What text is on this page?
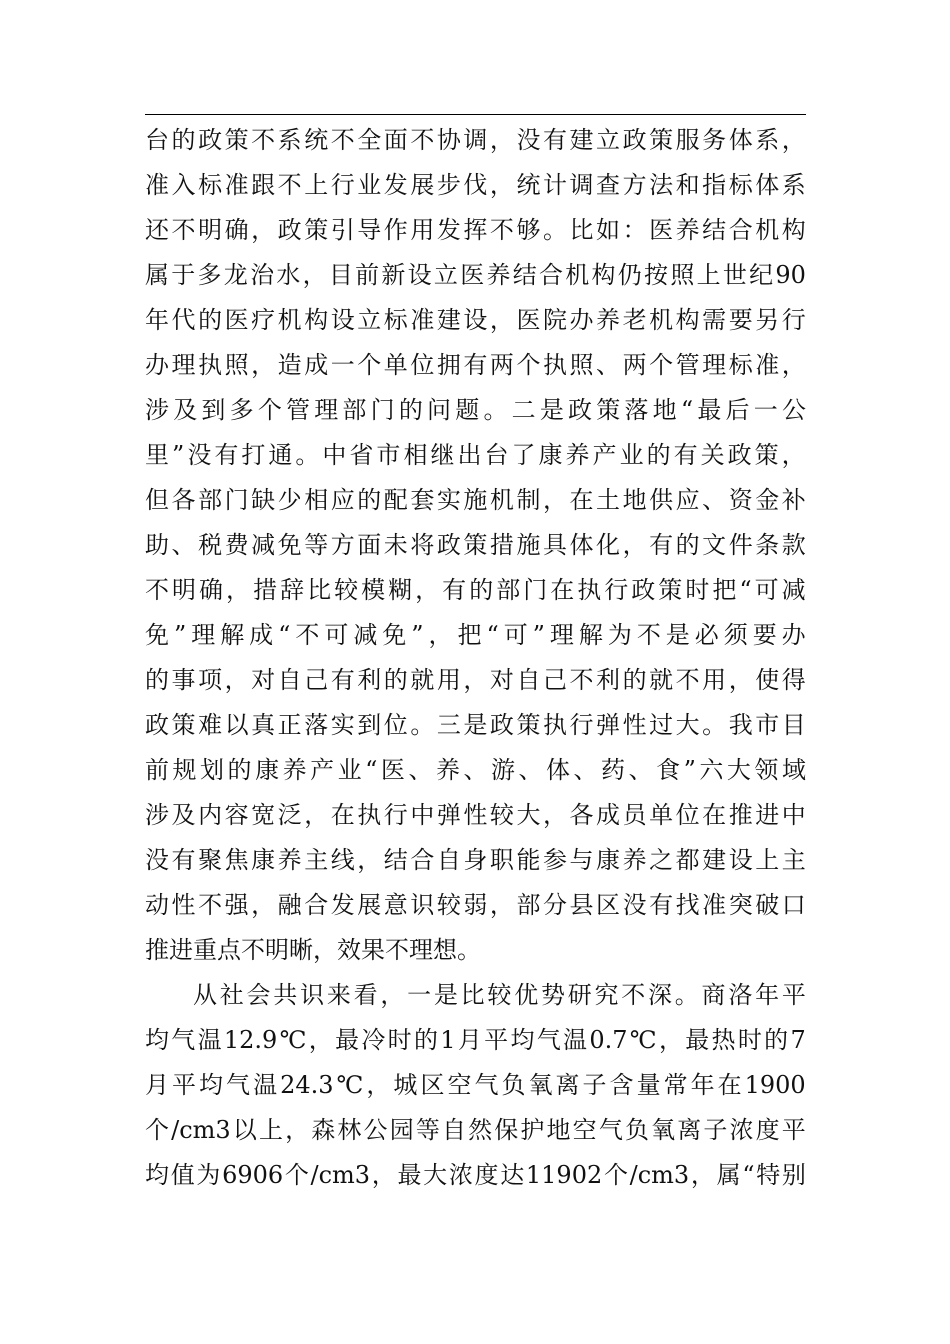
台 的 政 策 不 系 统 不 全 面 不 协 调 ， 没 有 建 立 政 策 服 务 体 系 ，
准 入 标 准 跟 不 上 行 业 发 展 步 伐 ， 统 计 调 查 方 法 和 指 标 体 系
还 不 明 确 ， 政 策 引 导 作 用 发 挥 不 够 。 比 如 ： 医 养 结 合 机 构
属 于 多 龙 治 水 ， 目 前 新 设 立 医 养 结 合 机 构 仍 按 照 上 世 纪 90
年 代 的 医 疗 机 构 设 立 标 准 建 设 ， 医 院 办 养 老 机 构 需 要 另 行
办 理 执 照 ， 造 成 一 个 单 位 拥 有 两 个 执 照 、 两 个 管 理 标 准 ，
涉 及 到 多 个 管 理 部 门 的 问 题 。 二 是 政 策 落 地 “ 最 后 一 公
里 ” 没 有 打 通 。 中 省 市 相 继 出 台 了 康 养 产 业 的 有 关 政 策 ，
但 各 部 门 缺 少 相 应 的 配 套 实 施 机 制 ， 在 土 地 供 应 、 资 金 补
助 、 税 费 减 免 等 方 面 未 将 政 策 措 施 具 体 化 ， 有 的 文 件 条 款
不 明 确 ， 措 辞 比 较 模 糊 ， 有 的 部 门 在 执 行 政 策 时 把 “ 可 减
免 ” 理 解 成 “ 不 可 减 免 ” ， 把 “ 可 ” 理 解 为 不 是 必 须 要 办
的 事 项 ， 对 自 己 有 利 的 就 用 ， 对 自 己 不 利 的 就 不 用 ， 使 得
政 策 难 以 真 正 落 实 到 位 。 三 是 政 策 执 行 弹 性 过 大 。 我 市 目
前 规 划 的 康 养 产 业 “ 医 、 养 、 游 、 体 、 药 、 食 ” 六 大 领 域
涉 及 内 容 宽 泛 ， 在 执 行 中 弹 性 较 大 ， 各 成 员 单 位 在 推 进 中
没 有 聚 焦 康 养 主 线 ， 结 合 自 身 职 能 参 与 康 养 之 都 建 设 上 主
动 性 不 强 ， 融 合 发 展 意 识 较 弱 ， 部 分 县 区 没 有 找 准 突 破 口
推 进 重 点 不 明 晰 ， 效 果 不 理 想 。
从 社 会 共 识 来 看 ， 一 是 比 较 优 势 研 究 不 深 。 商 洛 年 平
均 气 温 12.9 ℃ ， 最 冷 时 的 1 月 平 均 气 温 0.7 ℃ ， 最 热 时 的 7
月 平 均 气 温 24.3 ℃ ， 城 区 空 气 负 氧 离 子 含 量 常 年 在 1900
个 /cm3 以 上 ， 森 林 公 园 等 自 然 保 护 地 空 气 负 氧 离 子 浓 度 平
均 值 为 6906 个 /cm3 ， 最 大 浓 度 达 11902 个 /cm3 ， 属 “ 特 别
